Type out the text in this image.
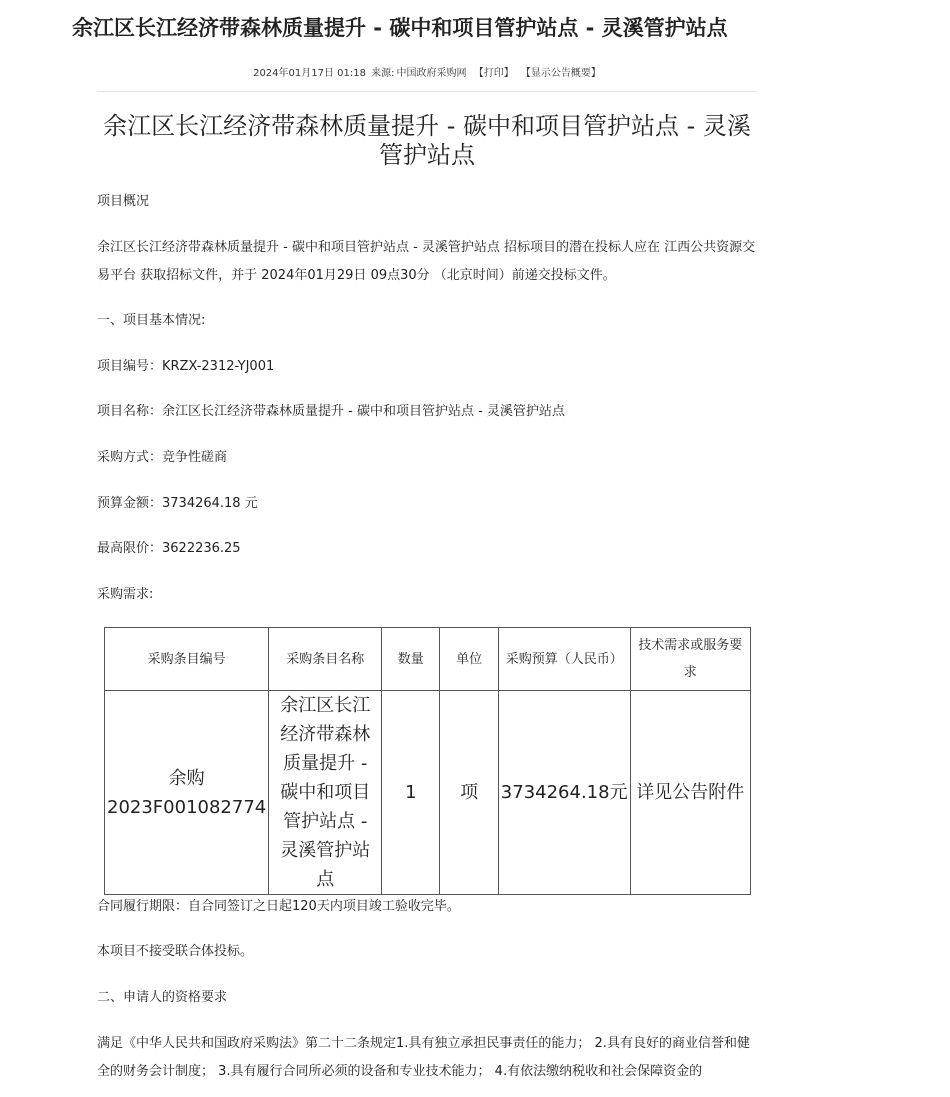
余江区长江经济带森林质量提升 - 碳中和项目管护站点 - 灵溪管护站点
2024年01月17日 01:18 来源: 中国政府采购网 【打印】 【显示公告概要】
余江区长江经济带森林质量提升 - 碳中和项目管护站点 - 灵溪管护站点
项目概况
余江区长江经济带森林质量提升 - 碳中和项目管护站点 - 灵溪管护站点 招标项目的潜在投标人应在 江西公共资源交易平台 获取招标文件，并于 2024年01月29日 09点30分 （北京时间）前递交投标文件。
一、项目基本情况:
项目编号：KRZX-2312-YJ001
项目名称：余江区长江经济带森林质量提升 - 碳中和项目管护站点 - 灵溪管护站点
采购方式：竞争性磋商
预算金额：3734264.18 元
最高限价：3622236.25
采购需求:
采购条目编号	采购条目名称	数量	单位	采购预算（人民币）	技术需求或服务要求
余购2023F001082774	余江区长江经济带森林质量提升 - 碳中和项目管护站点 - 灵溪管护站点	1	项	3734264.18元	详见公告附件
合同履行期限：自合同签订之日起120天内项目竣工验收完毕。
本项目不接受联合体投标。
二、申请人的资格要求
满足《中华人民共和国政府采购法》第二十二条规定1.具有独立承担民事责任的能力； 2.具有良好的商业信誉和健全的财务会计制度； 3.具有履行合同所必须的设备和专业技术能力； 4.有依法缴纳税收和社会保障资金的
